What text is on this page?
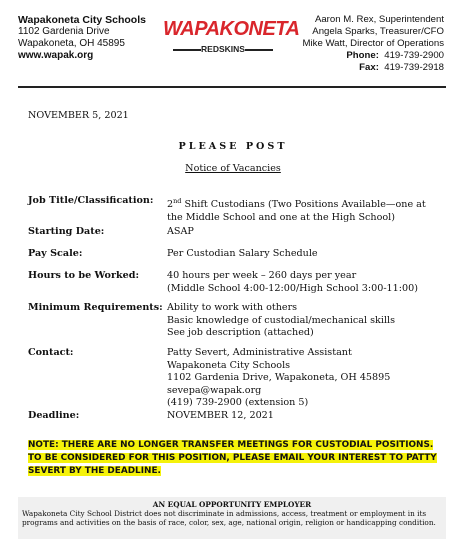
Wapakoneta City Schools
1102 Gardenia Drive
Wapakoneta, OH 45895
www.wapak.org
WAPAKONETA
REDSKINS
Aaron M. Rex, Superintendent
Angela Sparks, Treasurer/CFO
Mike Watt, Director of Operations
Phone: 419-739-2900
Fax: 419-739-2918
NOVEMBER 5, 2021
PLEASE POST
Notice of Vacancies
Job Title/Classification: 2nd Shift Custodians (Two Positions Available—one at the Middle School and one at the High School)
Starting Date:	ASAP
Pay Scale:	Per Custodian Salary Schedule
Hours to be Worked:	40 hours per week – 260 days per year
(Middle School 4:00-12:00/High School 3:00-11:00)
Minimum Requirements: Ability to work with others
Basic knowledge of custodial/mechanical skills
See job description (attached)
Contact:	Patty Severt, Administrative Assistant
Wapakoneta City Schools
1102 Gardenia Drive, Wapakoneta, OH 45895
sevepa@wapak.org
(419) 739-2900 (extension 5)
Deadline:	NOVEMBER 12, 2021
NOTE: THERE ARE NO LONGER TRANSFER MEETINGS FOR CUSTODIAL POSITIONS. TO BE CONSIDERED FOR THIS POSITION, PLEASE EMAIL YOUR INTEREST TO PATTY SEVERT BY THE DEADLINE.
AN EQUAL OPPORTUNITY EMPLOYER
Wapakoneta City School District does not discriminate in admissions, access, treatment or employment in its programs and activities on the basis of race, color, sex, age, national origin, religion or handicapping condition.
